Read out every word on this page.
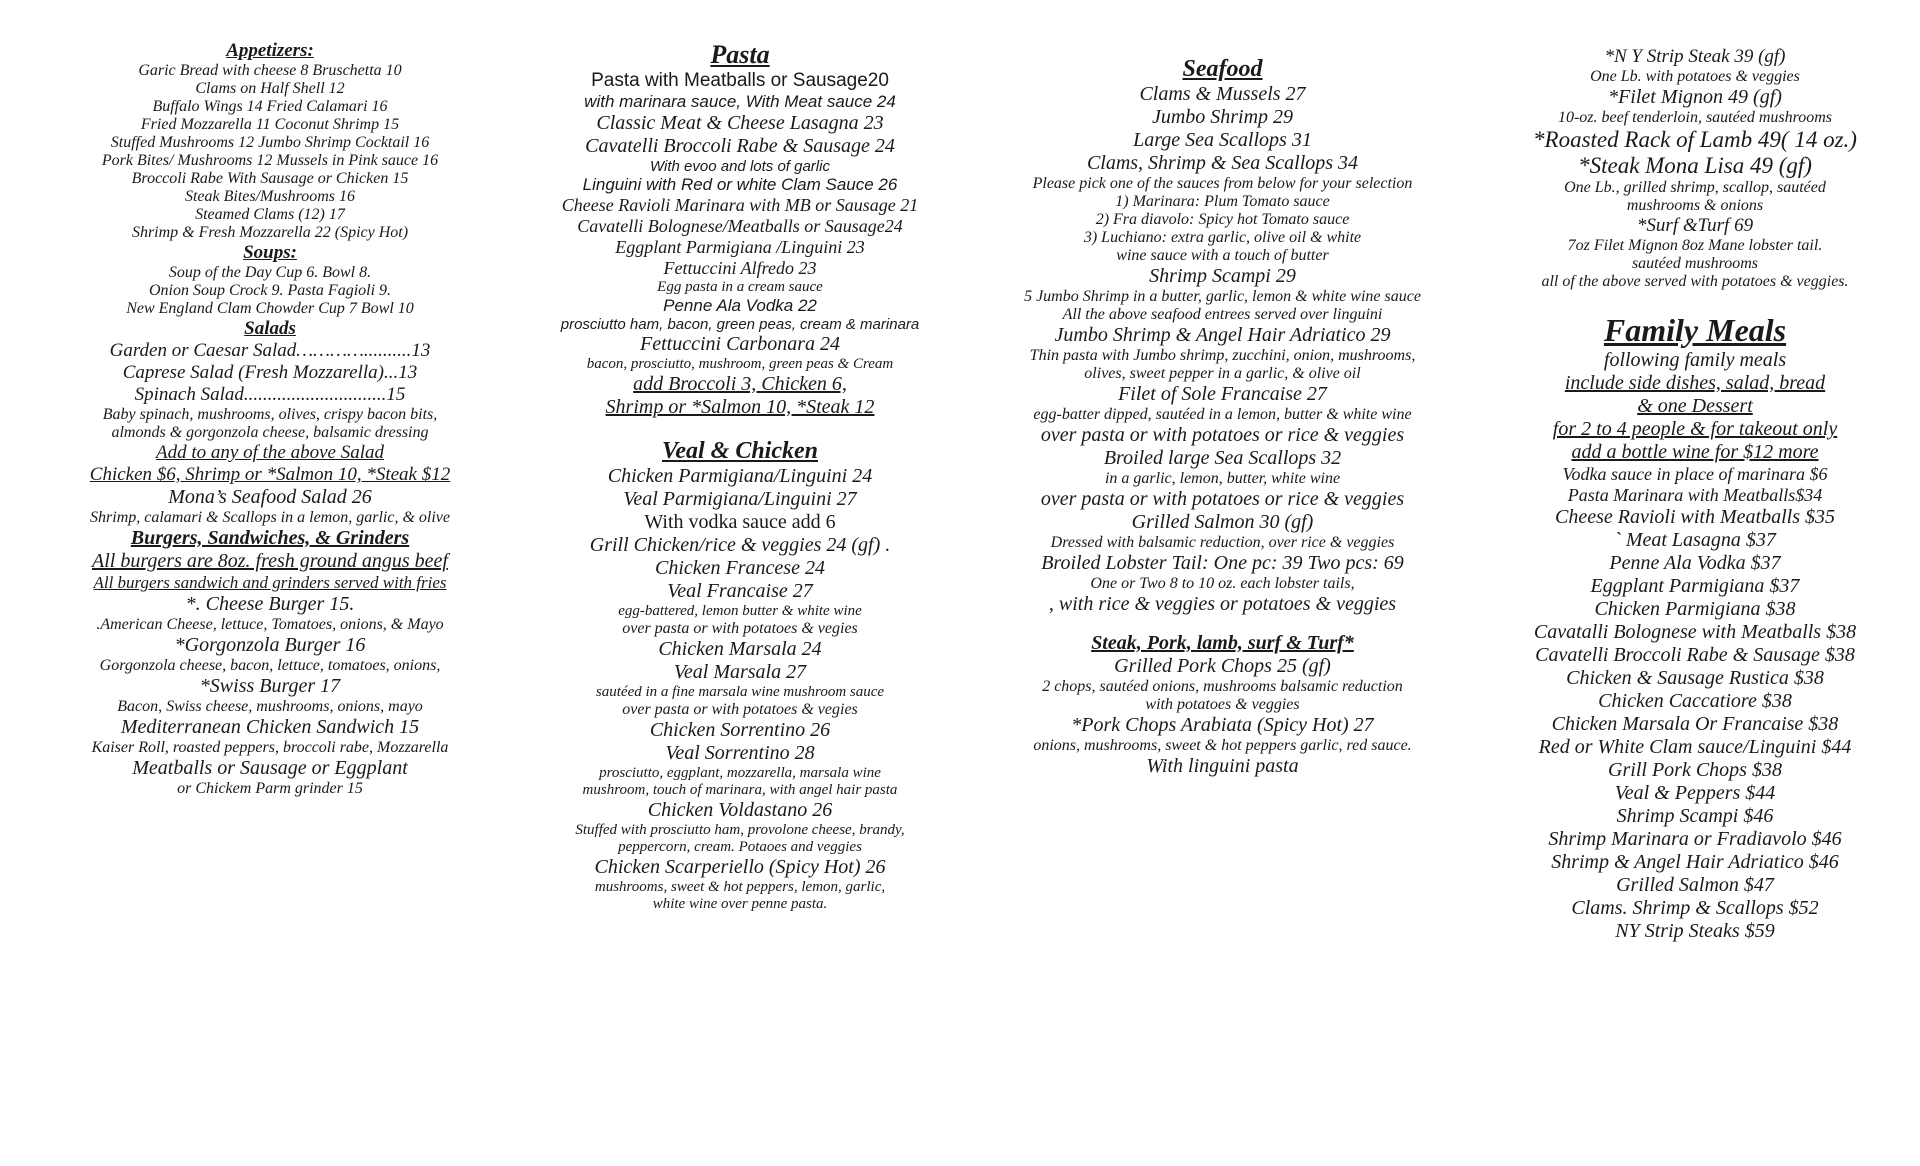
Appetizers:
Garic Bread with cheese 8 Bruschetta 10
Clams on Half Shell 12
Buffalo Wings 14 Fried Calamari 16
Fried Mozzarella 11 Coconut Shrimp 15
Stuffed Mushrooms 12 Jumbo Shrimp Cocktail 16
Pork Bites/ Mushrooms 12 Mussels in Pink sauce 16
Broccoli Rabe With Sausage or Chicken 15
Steak Bites/Mushrooms 16
Steamed Clams (12) 17
Shrimp & Fresh Mozzarella 22 (Spicy Hot)
Soups:
Soup of the Day Cup 6. Bowl 8.
Onion Soup Crock 9. Pasta Fagioli 9.
New England Clam Chowder Cup 7 Bowl 10
Salads
Garden or Caesar Salad…………..........13
Caprese Salad (Fresh Mozzarella)...13
Spinach Salad..............................15
Baby spinach, mushrooms, olives, crispy bacon bits,
almonds & gorgonzola cheese, balsamic dressing
Add to any of the above Salad
Chicken $6, Shrimp or *Salmon 10, *Steak $12
Mona’s Seafood Salad 26
Shrimp, calamari & Scallops in a lemon, garlic, & olive
Burgers, Sandwiches, & Grinders
All burgers are 8oz. fresh ground angus beef
All burgers sandwich and grinders served with fries
*. Cheese Burger 15.
.American Cheese, lettuce, Tomatoes, onions, & Mayo
*Gorgonzola Burger 16
Gorgonzola cheese, bacon, lettuce, tomatoes, onions,
*Swiss Burger 17
Bacon, Swiss cheese, mushrooms, onions, mayo
Mediterranean Chicken Sandwich 15
Kaiser Roll, roasted peppers, broccoli rabe, Mozzarella
Meatballs or Sausage or Eggplant
or Chickem Parm grinder 15
Pasta
Pasta with Meatballs or Sausage20
with marinara sauce, With Meat sauce 24
Classic Meat & Cheese Lasagna 23
Cavatelli Broccoli Rabe & Sausage 24
With evoo and lots of garlic
Linguini with Red or white Clam Sauce 26
Cheese Ravioli Marinara with MB or Sausage 21
Cavatelli Bolognese/Meatballs or Sausage24
Eggplant Parmigiana /Linguini 23
Fettuccini Alfredo 23
Egg pasta in a cream sauce
Penne Ala Vodka 22
prosciutto ham, bacon, green peas, cream & marinara
Fettuccini Carbonara 24
bacon, prosciutto, mushroom, green peas & Cream
add Broccoli 3, Chicken 6,
Shrimp or *Salmon 10, *Steak 12

Veal & Chicken
Chicken Parmigiana/Linguini 24
Veal Parmigiana/Linguini 27
With vodka sauce add 6
Grill Chicken/rice & veggies 24 (gf) .
Chicken Francese 24
Veal Francaise 27
egg-battered, lemon butter & white wine
over pasta or with potatoes & vegies
Chicken Marsala 24
Veal Marsala 27
sautéed in a fine marsala wine mushroom sauce
over pasta or with potatoes & vegies
Chicken Sorrentino 26
Veal Sorrentino 28
prosciutto, eggplant, mozzarella, marsala wine
mushroom, touch of marinara, with angel hair pasta
Chicken Voldastano 26
Stuffed with prosciutto ham, provolone cheese, brandy,
peppercorn, cream. Potaoes and veggies
Chicken Scarperiello (Spicy Hot) 26
mushrooms, sweet & hot peppers, lemon, garlic,
white wine over penne pasta.
Seafood
Clams & Mussels 27
Jumbo Shrimp 29
Large Sea Scallops 31
Clams, Shrimp & Sea Scallops 34
Please pick one of the sauces from below for your selection
1) Marinara: Plum Tomato sauce
2) Fra diavolo: Spicy hot Tomato sauce
3) Luchiano: extra garlic, olive oil & white
wine sauce with a touch of butter
Shrimp Scampi 29
5 Jumbo Shrimp in a butter, garlic, lemon & white wine sauce
All the above seafood entrees served over linguini
Jumbo Shrimp & Angel Hair Adriatico 29
Thin pasta with Jumbo shrimp, zucchini, onion, mushrooms,
olives, sweet pepper in a garlic, & olive oil
Filet of Sole Francaise 27
egg-batter dipped, sautéed in a lemon, butter & white wine
over pasta or with potatoes or rice & veggies
Broiled large Sea Scallops 32
in a garlic, lemon, butter, white wine
over pasta or with potatoes or rice & veggies
Grilled Salmon 30 (gf)
Dressed with balsamic reduction, over rice & veggies
Broiled Lobster Tail: One pc: 39 Two pcs: 69
One or Two 8 to 10 oz. each lobster tails,
, with rice & veggies or potatoes & veggies

Steak, Pork, lamb, surf & Turf*
Grilled Pork Chops 25 (gf)
2 chops, sautéed onions, mushrooms balsamic reduction
with potatoes & veggies
*Pork Chops Arabiata (Spicy Hot) 27
onions, mushrooms, sweet & hot peppers garlic, red sauce.
With linguini pasta
*N Y Strip Steak 39 (gf)
One Lb. with potatoes & veggies
*Filet Mignon 49 (gf)
10-oz. beef tenderloin, sautéed mushrooms
*Roasted Rack of Lamb 49( 14 oz.)
*Steak Mona Lisa 49 (gf)
One Lb., grilled shrimp, scallop, sautéed
mushrooms & onions
*Surf &Turf 69
7oz Filet Mignon 8oz Mane lobster tail.
sautéed mushrooms
all of the above served with potatoes & veggies.

Family Meals
following family meals
include side dishes, salad, bread
& one Dessert
for 2 to 4 people & for takeout only
add a bottle wine for $12 more
Vodka sauce in place of marinara $6
Pasta Marinara with Meatballs$34
Cheese Ravioli with Meatballs $35
` Meat Lasagna $37
Penne Ala Vodka $37
Eggplant Parmigiana $37
Chicken Parmigiana $38
Cavatalli Bolognese with Meatballs $38
Cavatelli Broccoli Rabe & Sausage $38
Chicken & Sausage Rustica $38
Chicken Caccatiore $38
Chicken Marsala Or Francaise $38
Red or White Clam sauce/Linguini $44
Grill Pork Chops $38
Veal & Peppers $44
Shrimp Scampi $46
Shrimp Marinara or Fradiavolo $46
Shrimp & Angel Hair Adriatico $46
Grilled Salmon $47
Clams. Shrimp & Scallops $52
NY Strip Steaks $59
